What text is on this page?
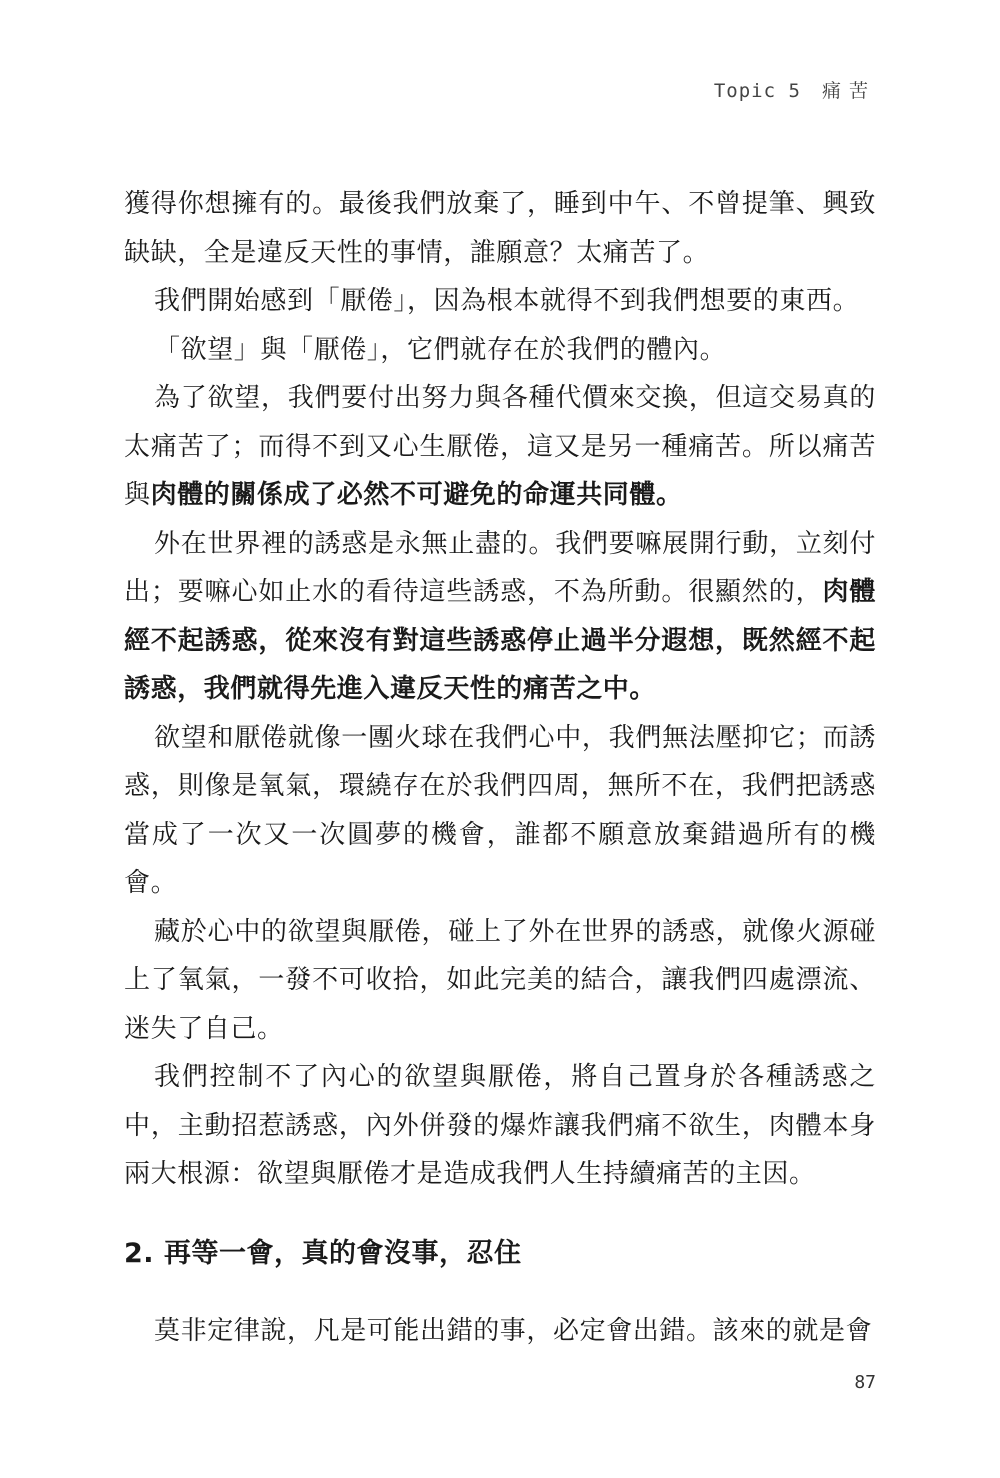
Topic 5 痛苦

獲得你想擁有的。最後我們放棄了，睡到中午、不曾提筆、興致缺缺，全是違反天性的事情，誰願意？太痛苦了。

我們開始感到「厭倦」，因為根本就得不到我們想要的東西。

「欲望」與「厭倦」，它們就存在於我們的體內。

為了欲望，我們要付出努力與各種代價來交換，但這交易真的太痛苦了；而得不到又心生厭倦，這又是另一種痛苦。所以痛苦與肉體的關係成了必然不可避免的命運共同體。

外在世界裡的誘惑是永無止盡的。我們要嘛展開行動，立刻付出；要嘛心如止水的看待這些誘惑，不為所動。很顯然的，肉體經不起誘惑，從來沒有對這些誘惑停止過半分遐想，既然經不起誘惑，我們就得先進入違反天性的痛苦之中。

欲望和厭倦就像一團火球在我們心中，我們無法壓抑它；而誘惑，則像是氧氣，環繞存在於我們四周，無所不在，我們把誘惑當成了一次又一次圓夢的機會，誰都不願意放棄錯過所有的機會。

藏於心中的欲望與厭倦，碰上了外在世界的誘惑，就像火源碰上了氧氣，一發不可收拾，如此完美的結合，讓我們四處漂流、迷失了自己。

我們控制不了內心的欲望與厭倦，將自己置身於各種誘惑之中，主動招惹誘惑，內外併發的爆炸讓我們痛不欲生，肉體本身兩大根源：欲望與厭倦才是造成我們人生持續痛苦的主因。

2. 再等一會，真的會沒事，忍住

莫非定律說，凡是可能出錯的事，必定會出錯。該來的就是會

87
